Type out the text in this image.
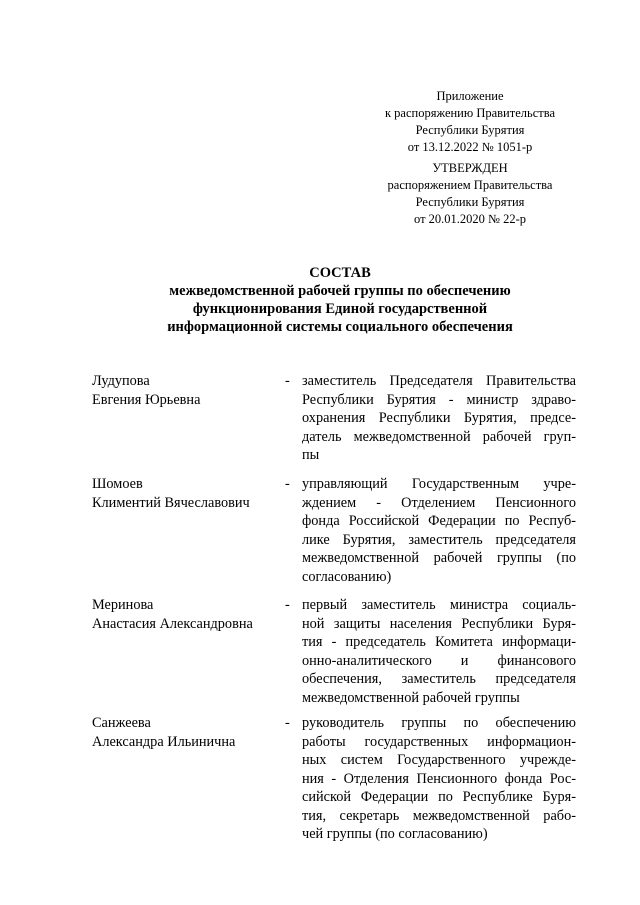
Приложение
к распоряжению Правительства
Республики Бурятия
от 13.12.2022 № 1051-р
УТВЕРЖДЕН
распоряжением Правительства
Республики Бурятия
от 20.01.2020 № 22-р
СОСТАВ
межведомственной рабочей группы по обеспечению
функционирования Единой государственной
информационной системы социального обеспечения
Лудупова
Евгения Юрьевна
- заместитель Председателя Правительства
Республики Бурятия - министр здраво-
охранения Республики Бурятия, предсе-
датель межведомственной рабочей груп-
пы
Шомоев
Климентий Вячеславович
- управляющий Государственным учре-
ждением - Отделением Пенсионного
фонда Российской Федерации по Респуб-
лике Бурятия, заместитель председателя
межведомственной рабочей группы (по
согласованию)
Меринова
Анастасия Александровна
- первый заместитель министра социаль-
ной защиты населения Республики Буря-
тия - председатель Комитета информаци-
онно-аналитического и финансового
обеспечения, заместитель председателя
межведомственной рабочей группы
Санжеева
Александра Ильинична
- руководитель группы по обеспечению
работы государственных информацион-
ных систем Государственного учрежде-
ния - Отделения Пенсионного фонда Рос-
сийской Федерации по Республике Буря-
тия, секретарь межведомственной рабо-
чей группы (по согласованию)
